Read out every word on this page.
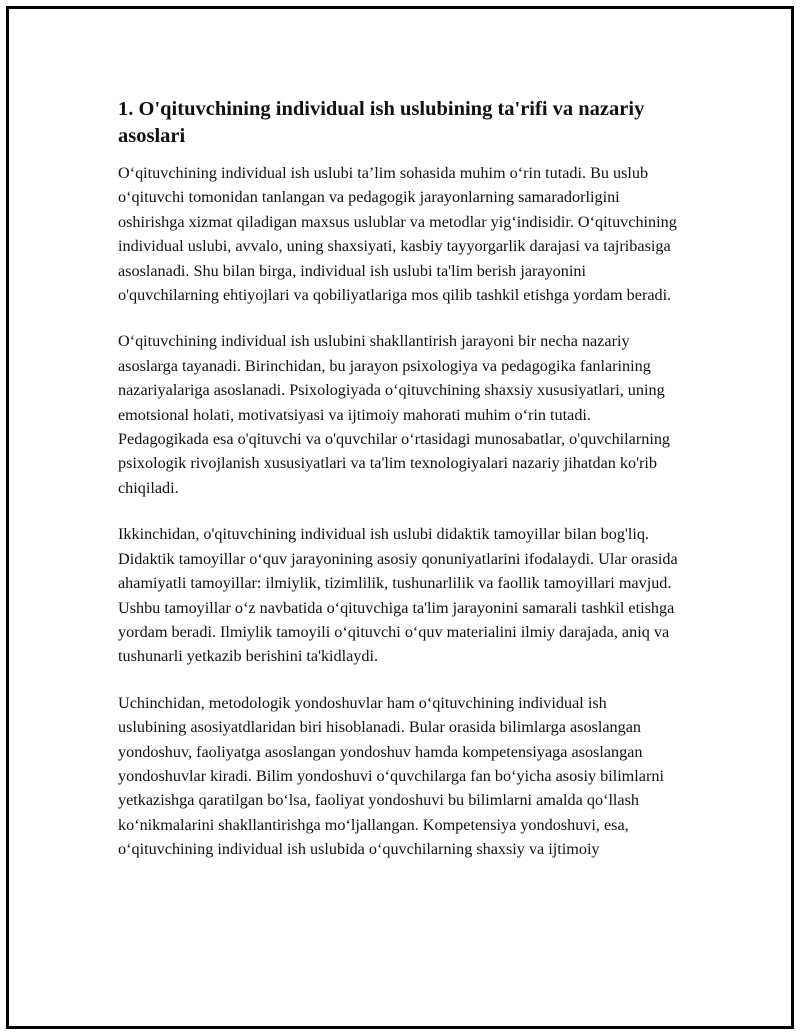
1. O'qituvchining individual ish uslubining ta'rifi va nazariy asoslari

O‘qituvchining individual ish uslubi ta’lim sohasida muhim o‘rin tutadi. Bu uslub o‘qituvchi tomonidan tanlangan va pedagogik jarayonlarning samaradorligini oshirishga xizmat qiladigan maxsus uslublar va metodlar yig‘indisidir. O‘qituvchining individual uslubi, avvalo, uning shaxsiyati, kasbiy tayyorgarlik darajasi va tajribasiga asoslanadi. Shu bilan birga, individual ish uslubi ta'lim berish jarayonini o'quvchilarning ehtiyojlari va qobiliyatlariga mos qilib tashkil etishga yordam beradi.

O‘qituvchining individual ish uslubini shakllantirish jarayoni bir necha nazariy asoslarga tayanadi. Birinchidan, bu jarayon psixologiya va pedagogika fanlarining nazariyalariga asoslanadi. Psixologiyada o‘qituvchining shaxsiy xususiyatlari, uning emotsional holati, motivatsiyasi va ijtimoiy mahorati muhim o‘rin tutadi. Pedagogikada esa o'qituvchi va o'quvchilar o‘rtasidagi munosabatlar, o'quvchilarning psixologik rivojlanish xususiyatlari va ta'lim texnologiyalari nazariy jihatdan ko'rib chiqiladi.

Ikkinchidan, o'qituvchining individual ish uslubi didaktik tamoyillar bilan bog'liq. Didaktik tamoyillar o‘quv jarayonining asosiy qonuniyatlarini ifodalaydi. Ular orasida ahamiyatli tamoyillar: ilmiylik, tizimlilik, tushunarlilik va faollik tamoyillari mavjud. Ushbu tamoyillar o‘z navbatida o‘qituvchiga ta'lim jarayonini samarali tashkil etishga yordam beradi. Ilmiylik tamoyili o‘qituvchi o‘quv materialini ilmiy darajada, aniq va tushunarli yetkazib berishini ta'kidlaydi.

Uchinchidan, metodologik yondoshuvlar ham o‘qituvchining individual ish uslubining asosiyatdlaridan biri hisoblanadi. Bular orasida bilimlarga asoslangan yondoshuv, faoliyatga asoslangan yondoshuv hamda kompetensiyaga asoslangan yondoshuvlar kiradi. Bilim yondoshuvi o‘quvchilarga fan bo‘yicha asosiy bilimlarni yetkazishga qaratilgan bo‘lsa, faoliyat yondoshuvi bu bilimlarni amalda qo‘llash ko‘nikmalarini shakllantirishga mo‘ljallangan. Kompetensiya yondoshuvi, esa, o‘qituvchining individual ish uslubida o‘quvchilarning shaxsiy va ijtimoiy
